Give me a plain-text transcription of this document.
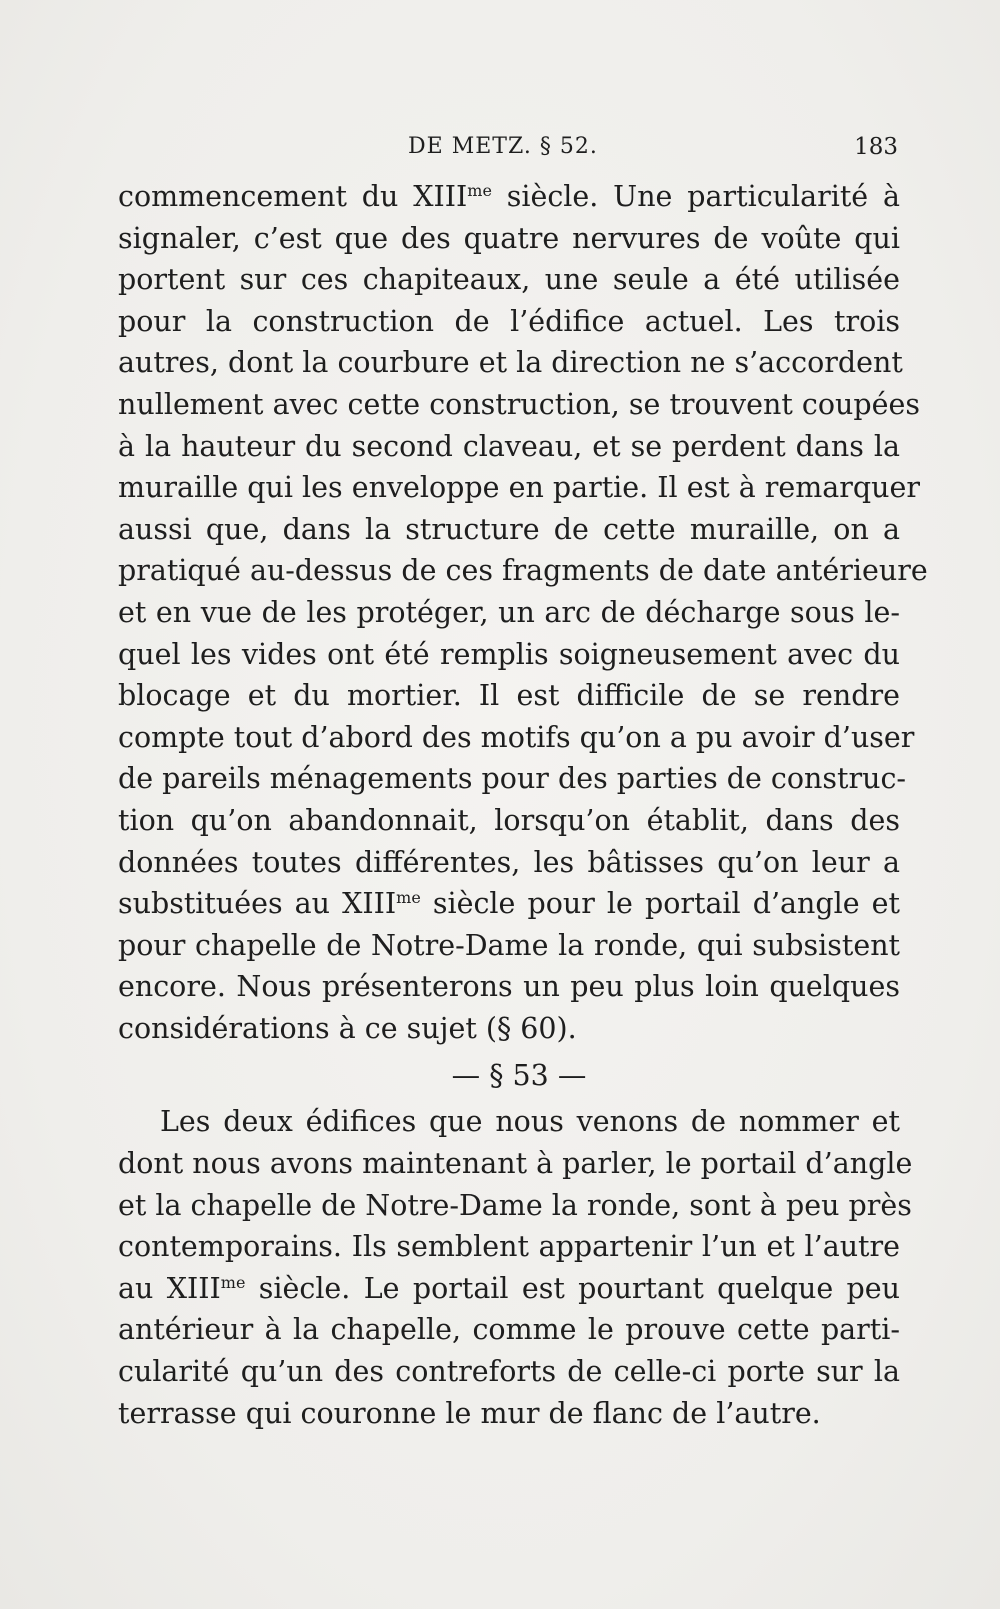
DE METZ. § 52.	183
commencement du $XIII^{me}$ siècle. Une particularité à
signaler, c’est que des quatre nervures de voûte qui
portent sur ces chapiteaux, une seule a été utilisée
pour la construction de l’édifice actuel. Les trois
autres, dont la courbure et la direction ne s’accordent
nullement avec cette construction, se trouvent coupées
à la hauteur du second claveau, et se perdent dans la
muraille qui les enveloppe en partie. Il est à remarquer
aussi que, dans la structure de cette muraille, on a
pratiqué au-dessus de ces fragments de date antérieure
et en vue de les protéger, un arc de décharge sous le-
quel les vides ont été remplis soigneusement avec du
blocage et du mortier. Il est difficile de se rendre
compte tout d’abord des motifs qu’on a pu avoir d’user
de pareils ménagements pour des parties de construc-
tion qu’on abandonnait, lorsqu’on établit, dans des
données toutes différentes, les bâtisses qu’on leur a
substituées au $XIII^{me}$ siècle pour le portail d’angle et
pour chapelle de Notre-Dame la ronde, qui subsistent
encore. Nous présenterons un peu plus loin quelques
considérations à ce sujet (§ 60).
— § 53 —
Les deux édifices que nous venons de nommer et
dont nous avons maintenant à parler, le portail d’angle
et la chapelle de Notre-Dame la ronde, sont à peu près
contemporains. Ils semblent appartenir l’un et l’autre
au $XIII^{me}$ siècle. Le portail est pourtant quelque peu
antérieur à la chapelle, comme le prouve cette parti-
cularité qu’un des contreforts de celle-ci porte sur la
terrasse qui couronne le mur de flanc de l’autre.
